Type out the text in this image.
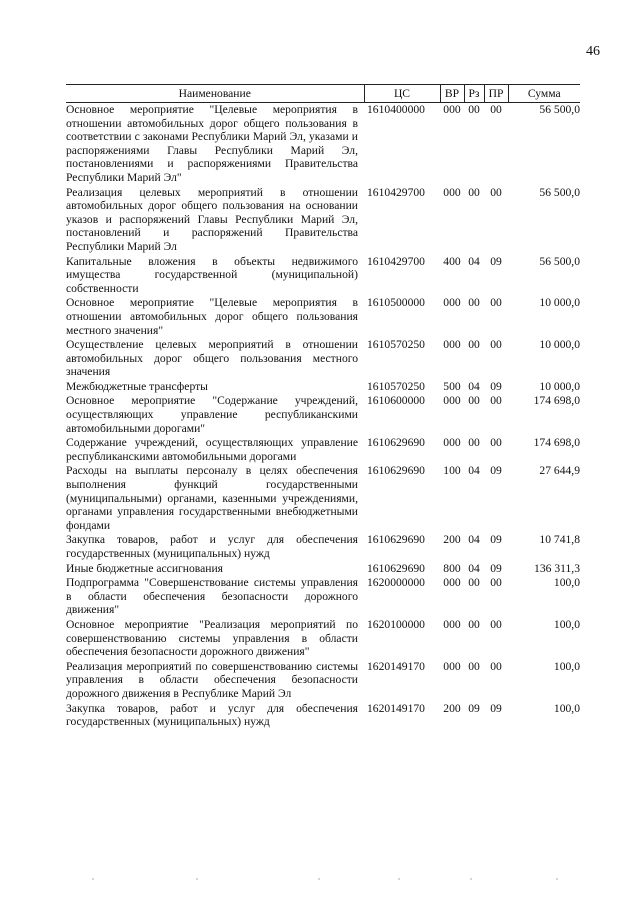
46
Наименование	ЦС	ВР	Рз	ПР	Сумма
Основное мероприятие "Целевые мероприятия в отношении автомобильных дорог общего пользования в соответствии с законами Республики Марий Эл, указами и распоряжениями Главы Республики Марий Эл, постановлениями и распоряжениями Правительства Республики Марий Эл"	1610400000	000	00	00	56 500,0
Реализация целевых мероприятий в отношении автомобильных дорог общего пользования на основании указов и распоряжений Главы Республики Марий Эл, постановлений и распоряжений Правительства Республики Марий Эл	1610429700	000	00	00	56 500,0
Капитальные вложения в объекты недвижимого имущества государственной (муниципальной) собственности	1610429700	400	04	09	56 500,0
Основное мероприятие "Целевые мероприятия в отношении автомобильных дорог общего пользования местного значения"	1610500000	000	00	00	10 000,0
Осуществление целевых мероприятий в отношении автомобильных дорог общего пользования местного значения	1610570250	000	00	00	10 000,0
Межбюджетные трансферты	1610570250	500	04	09	10 000,0
Основное мероприятие "Содержание учреждений, осуществляющих управление республиканскими автомобильными дорогами"	1610600000	000	00	00	174 698,0
Содержание учреждений, осуществляющих управление республиканскими автомобильными дорогами	1610629690	000	00	00	174 698,0
Расходы на выплаты персоналу в целях обеспечения выполнения функций государственными (муниципальными) органами, казенными учреждениями, органами управления государственными внебюджетными фондами	1610629690	100	04	09	27 644,9
Закупка товаров, работ и услуг для обеспечения государственных (муниципальных) нужд	1610629690	200	04	09	10 741,8
Иные бюджетные ассигнования	1610629690	800	04	09	136 311,3
Подпрограмма "Совершенствование системы управления в области обеспечения безопасности дорожного движения"	1620000000	000	00	00	100,0
Основное мероприятие "Реализация мероприятий по совершенствованию системы управления в области обеспечения безопасности дорожного движения"	1620100000	000	00	00	100,0
Реализация мероприятий по совершенствованию системы управления в области обеспечения безопасности дорожного движения в Республике Марий Эл	1620149170	000	00	00	100,0
Закупка товаров, работ и услуг для обеспечения государственных (муниципальных) нужд	1620149170	200	09	09	100,0
